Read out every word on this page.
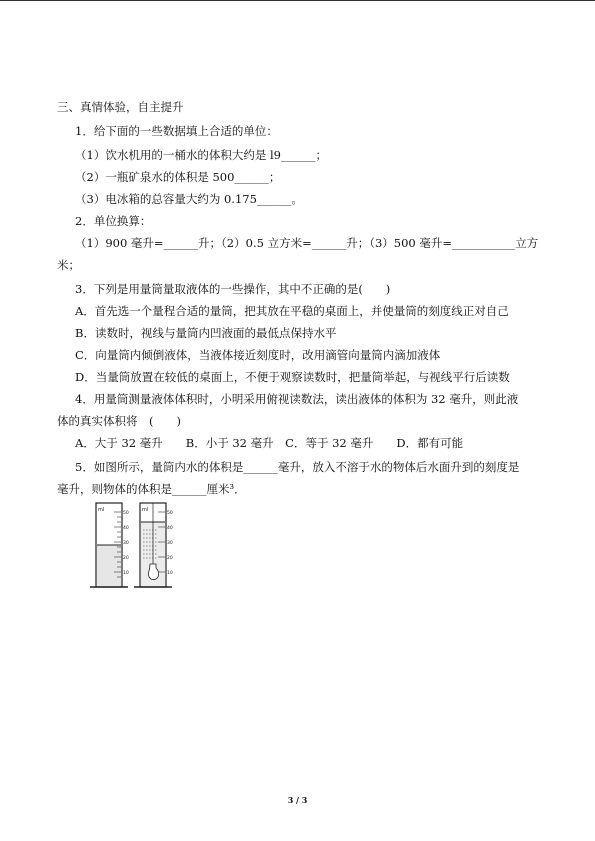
三、真情体验，自主提升
1．给下面的一些数据填上合适的单位：
（1）饮水机用的一桶水的体积大约是 l9______；
（2）一瓶矿泉水的体积是 500______；
（3）电冰箱的总容量大约为 0.175______。
2．单位换算：
（1）900 毫升=______升；（2）0.5 立方米=______升；（3）500 毫升=___________立方
米；
3．下列是用量筒量取液体的一些操作，其中不正确的是(　　)
A．首先选一个量程合适的量筒，把其放在平稳的桌面上，并使量筒的刻度线正对自己
B．读数时，视线与量筒内凹液面的最低点保持水平
C．向量筒内倾倒液体，当液体接近刻度时，改用滴管向量筒内滴加液体
D．当量筒放置在较低的桌面上，不便于观察读数时，把量筒举起，与视线平行后读数
4．用量筒测量液体体积时，小明采用俯视读数法，读出液体的体积为 32 毫升，则此液
体的真实体积将　(　　)
A．大于 32 毫升　　B．小于 32 毫升　C．等于 32 毫升　　D．都有可能
5．如图所示，量筒内水的体积是______毫升，放入不溶于水的物体后水面升到的刻度是
毫升，则物体的体积是______厘米³．
ml
50
40
30
20
10
ml
50
40
30
20
10
3 / 3
